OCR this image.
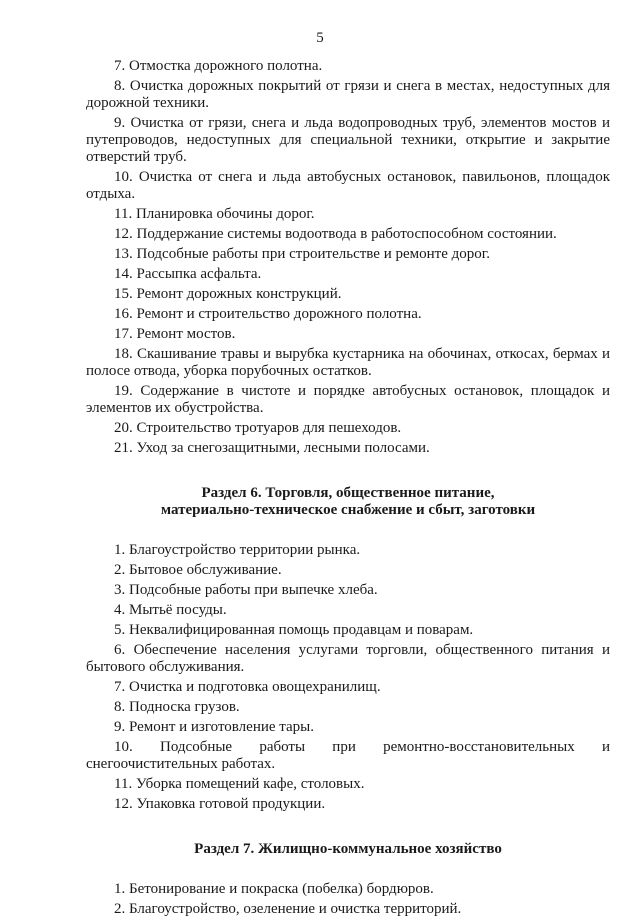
5

7. Отмостка дорожного полотна.

8. Очистка дорожных покрытий от грязи и снега в местах, недоступных для дорожной техники.

9. Очистка от грязи, снега и льда водопроводных труб, элементов мостов и путепроводов, недоступных для специальной техники, открытие и закрытие отверстий труб.

10. Очистка от снега и льда автобусных остановок, павильонов, площадок отдыха.

11. Планировка обочины дорог.

12. Поддержание системы водоотвода в работоспособном состоянии.

13. Подсобные работы при строительстве и ремонте дорог.

14. Рассыпка асфальта.

15. Ремонт дорожных конструкций.

16. Ремонт и строительство дорожного полотна.

17. Ремонт мостов.

18. Скашивание травы и вырубка кустарника на обочинах, откосах, бермах и полосе отвода, уборка порубочных остатков.

19. Содержание в чистоте и порядке автобусных остановок, площадок и элементов их обустройства.

20. Строительство тротуаров для пешеходов.

21. Уход за снегозащитными, лесными полосами.

Раздел 6. Торговля, общественное питание,

материально-техническое снабжение и сбыт, заготовки

1. Благоустройство территории рынка.

2. Бытовое обслуживание.

3. Подсобные работы при выпечке хлеба.

4. Мытьё посуды.

5. Неквалифицированная помощь продавцам и поварам.

6. Обеспечение населения услугами торговли, общественного питания и бытового обслуживания.

7. Очистка и подготовка овощехранилищ.

8. Подноска грузов.

9. Ремонт и изготовление тары.

10. Подсобные работы при ремонтно-восстановительных и снегоочистительных работах.

11. Уборка помещений кафе, столовых.

12. Упаковка готовой продукции.

Раздел 7. Жилищно-коммунальное хозяйство

1. Бетонирование и покраска (побелка) бордюров.

2. Благоустройство, озеленение и очистка территорий.
